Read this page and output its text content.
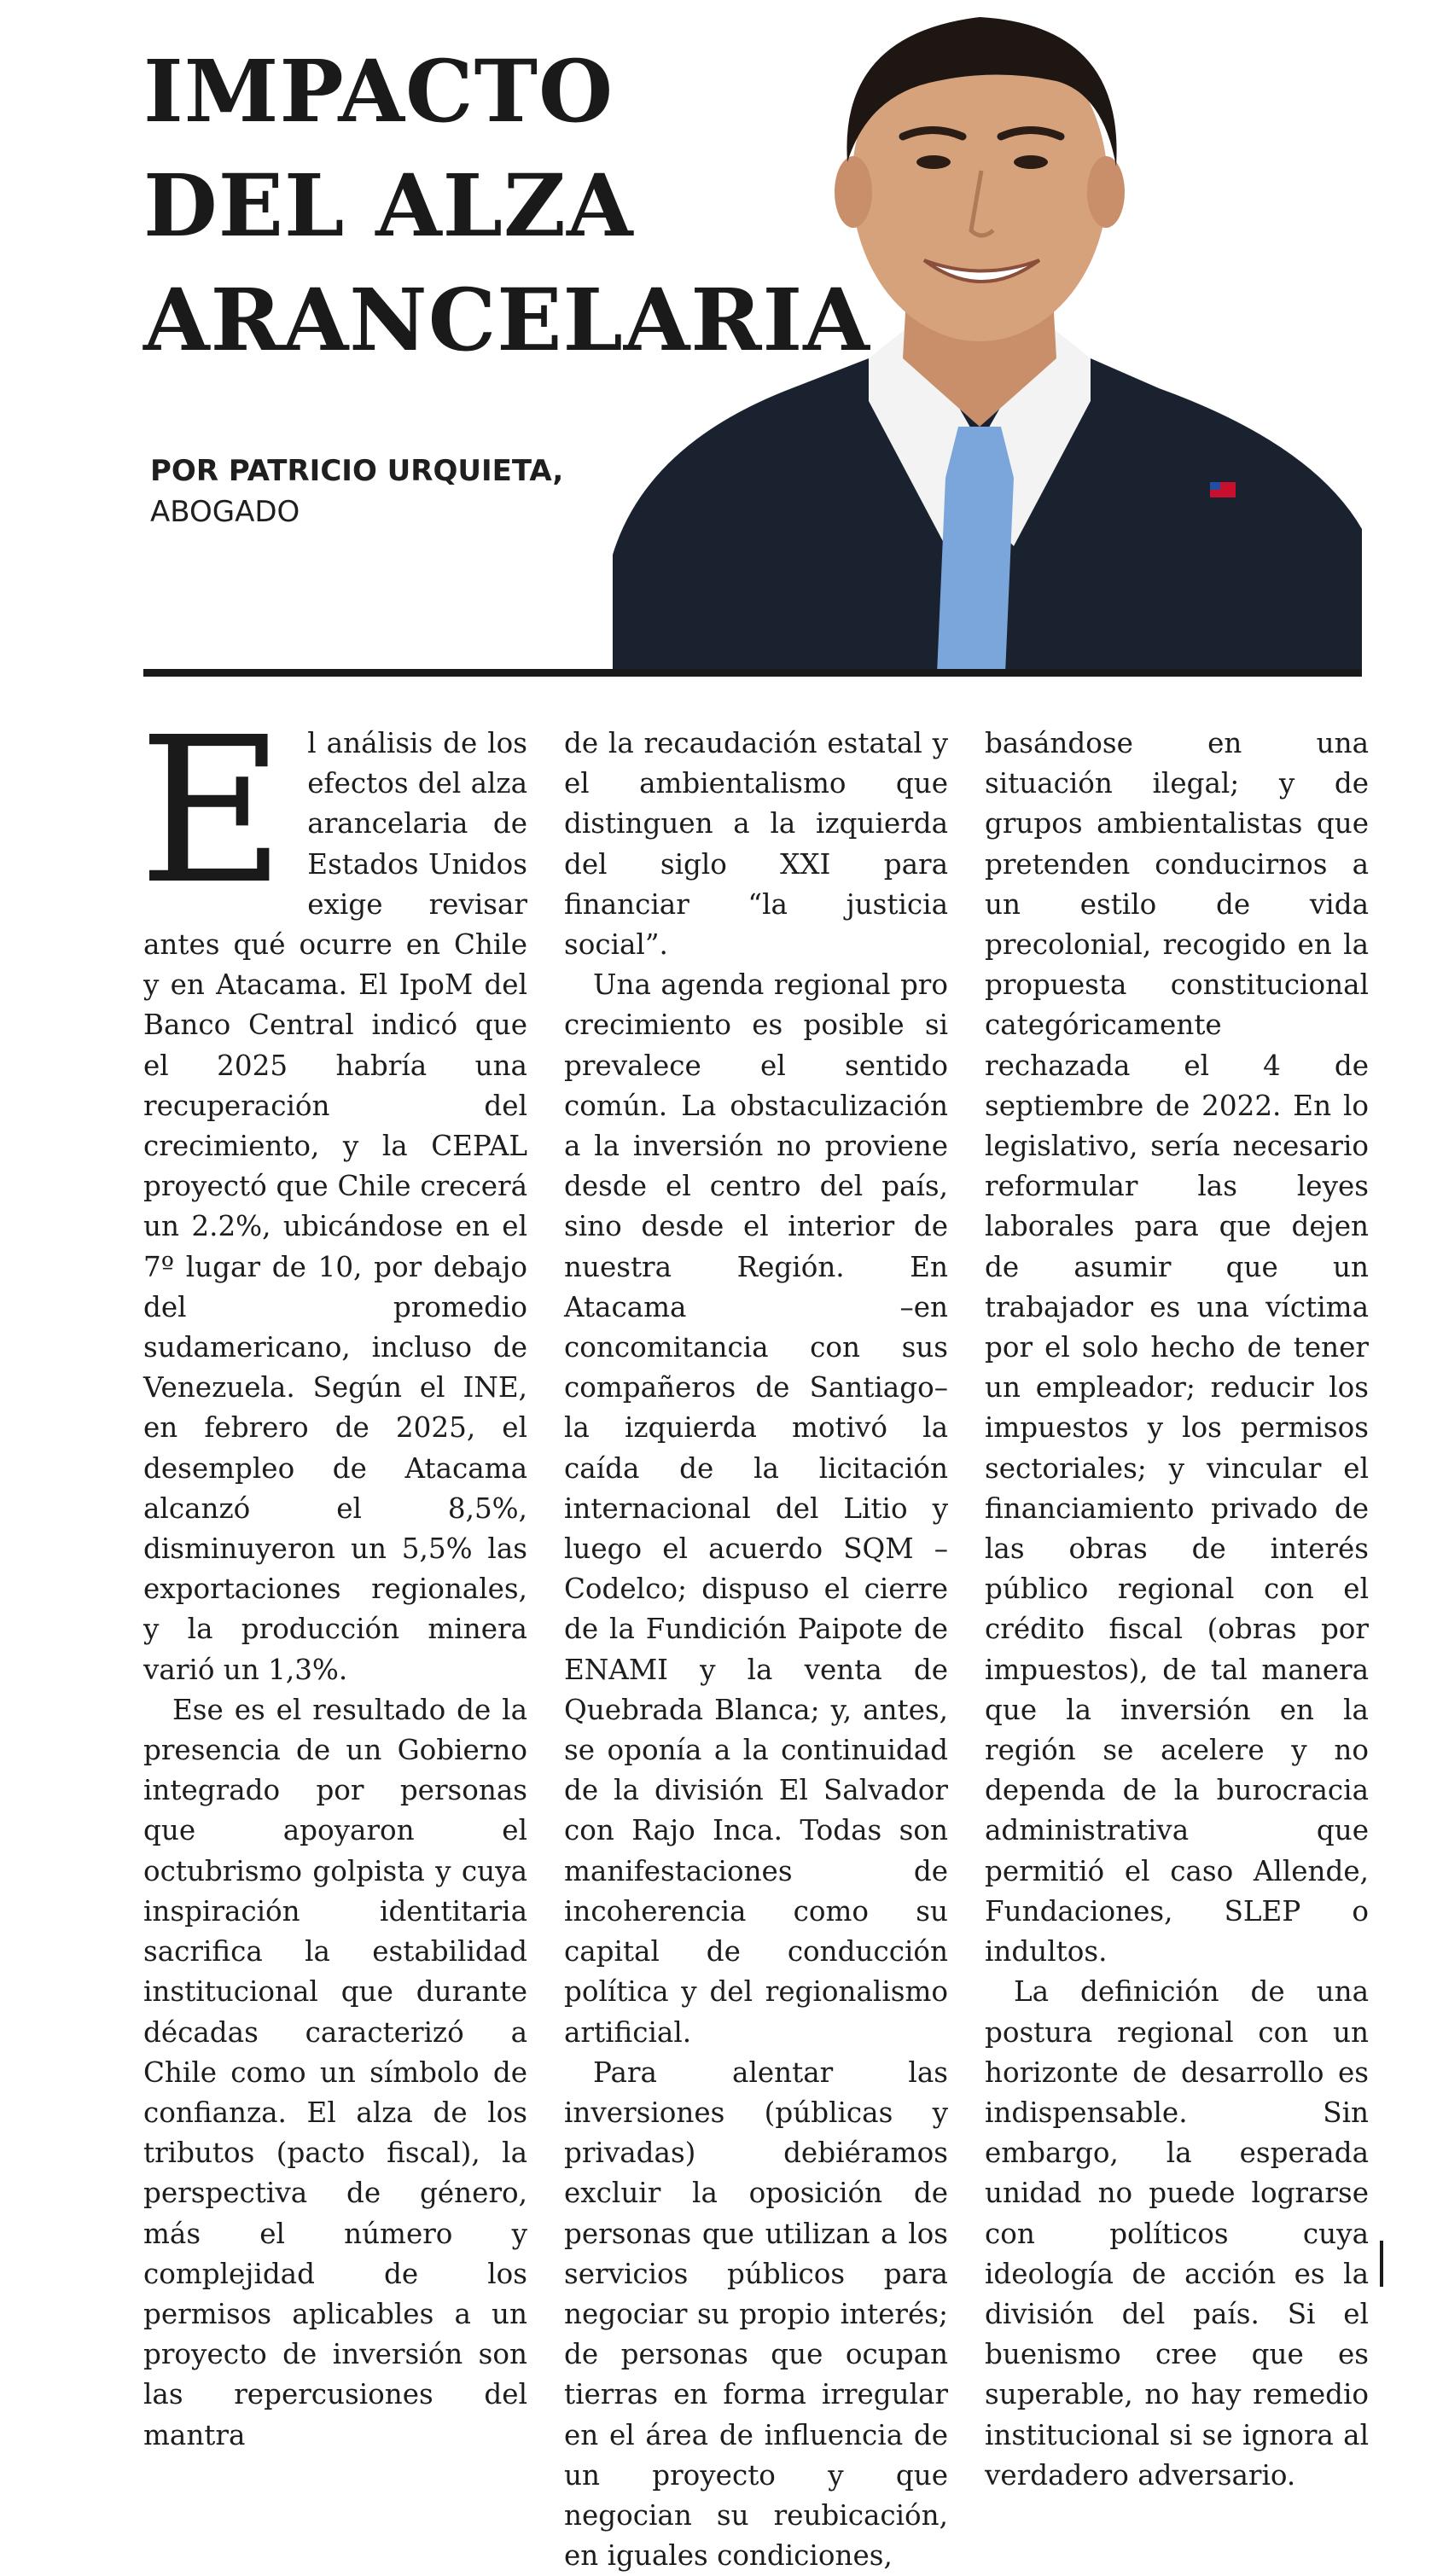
IMPACTO
DEL ALZA
ARANCELARIA
POR PATRICIO URQUIETA,
ABOGADO

El análisis de los efectos del alza arancelaria de Estados Unidos exige revisar antes qué ocurre en Chile y en Atacama. El IpoM del Banco Central indicó que el 2025 habría una recuperación del crecimiento, y la CEPAL proyectó que Chile crecerá un 2.2%, ubicándose en el 7º lugar de 10, por debajo del promedio sudamericano, incluso de Venezuela. Según el INE, en febrero de 2025, el desempleo de Atacama alcanzó el 8,5%, disminuyeron un 5,5% las exportaciones regionales, y la producción minera varió un 1,3%.

Ese es el resultado de la presencia de un Gobierno integrado por personas que apoyaron el octubrismo golpista y cuya inspiración identitaria sacrifica la estabilidad institucional que durante décadas caracterizó a Chile como un símbolo de confianza. El alza de los tributos (pacto fiscal), la perspectiva de género, más el número y complejidad de los permisos aplicables a un proyecto de inversión son las repercusiones del mantra

de la recaudación estatal y el ambientalismo que distinguen a la izquierda del siglo XXI para financiar “la justicia social”.

Una agenda regional pro crecimiento es posible si prevalece el sentido común. La obstaculización a la inversión no proviene desde el centro del país, sino desde el interior de nuestra Región. En Atacama –en concomitancia con sus compañeros de Santiago– la izquierda motivó la caída de la licitación internacional del Litio y luego el acuerdo SQM – Codelco; dispuso el cierre de la Fundición Paipote de ENAMI y la venta de Quebrada Blanca; y, antes, se oponía a la continuidad de la división El Salvador con Rajo Inca. Todas son manifestaciones de incoherencia como su capital de conducción política y del regionalismo artificial.

Para alentar las inversiones (públicas y privadas) debiéramos excluir la oposición de personas que utilizan a los servicios públicos para negociar su propio interés; de personas que ocupan tierras en forma irregular en el área de influencia de un proyecto y que negocian su reubicación, en iguales condiciones,

basándose en una situación ilegal; y de grupos ambientalistas que pretenden conducirnos a un estilo de vida precolonial, recogido en la propuesta constitucional categóricamente rechazada el 4 de septiembre de 2022. En lo legislativo, sería necesario reformular las leyes laborales para que dejen de asumir que un trabajador es una víctima por el solo hecho de tener un empleador; reducir los impuestos y los permisos sectoriales; y vincular el financiamiento privado de las obras de interés público regional con el crédito fiscal (obras por impuestos), de tal manera que la inversión en la región se acelere y no dependa de la burocracia administrativa que permitió el caso Allende, Fundaciones, SLEP o indultos.

La definición de una postura regional con un horizonte de desarrollo es indispensable. Sin embargo, la esperada unidad no puede lograrse con políticos cuya ideología de acción es la división del país. Si el buenismo cree que es superable, no hay remedio institucional si se ignora al verdadero adversario.
